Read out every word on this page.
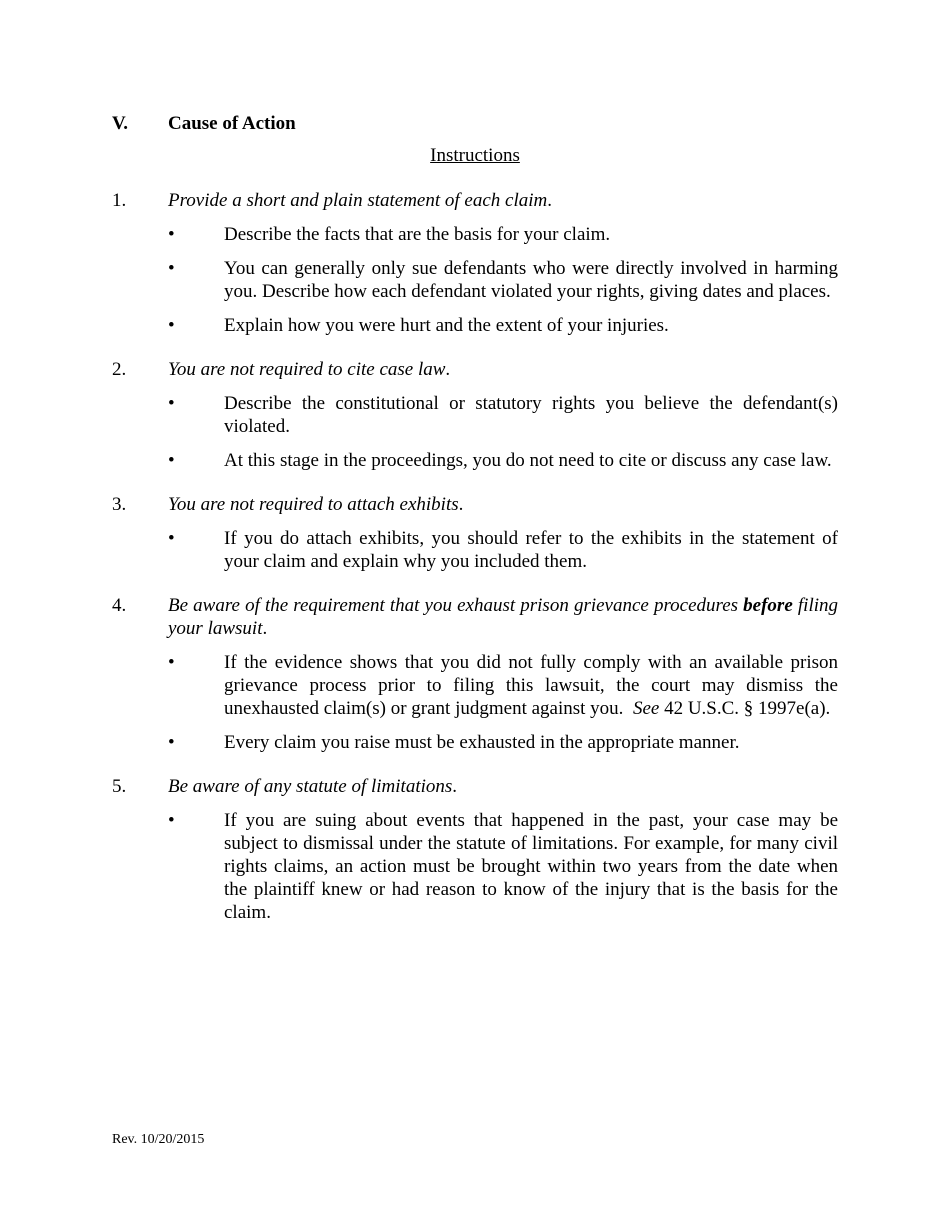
V.	Cause of Action
Instructions
1. Provide a short and plain statement of each claim.
•	Describe the facts that are the basis for your claim.
•	You can generally only sue defendants who were directly involved in harming you. Describe how each defendant violated your rights, giving dates and places.
•	Explain how you were hurt and the extent of your injuries.
2. You are not required to cite case law.
•	Describe the constitutional or statutory rights you believe the defendant(s) violated.
•	At this stage in the proceedings, you do not need to cite or discuss any case law.
3. You are not required to attach exhibits.
•	If you do attach exhibits, you should refer to the exhibits in the statement of your claim and explain why you included them.
4. Be aware of the requirement that you exhaust prison grievance procedures before filing your lawsuit.
•	If the evidence shows that you did not fully comply with an available prison grievance process prior to filing this lawsuit, the court may dismiss the unexhausted claim(s) or grant judgment against you.  See 42 U.S.C. § 1997e(a).
•	Every claim you raise must be exhausted in the appropriate manner.
5. Be aware of any statute of limitations.
•	If you are suing about events that happened in the past, your case may be subject to dismissal under the statute of limitations. For example, for many civil rights claims, an action must be brought within two years from the date when the plaintiff knew or had reason to know of the injury that is the basis for the claim.
Rev. 10/20/2015
